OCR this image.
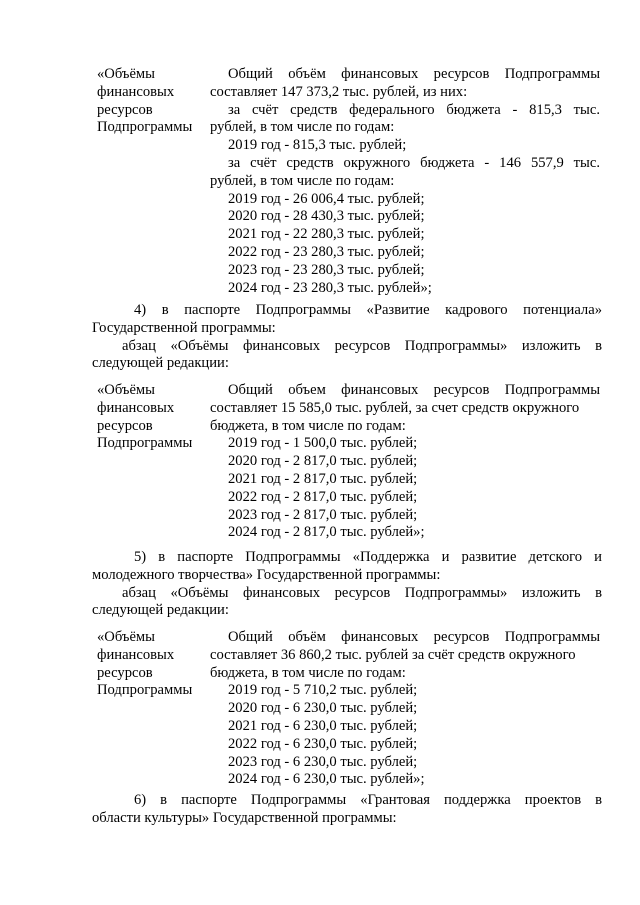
«Объёмы
финансовых
ресурсов
Подпрограммы
Общий объём финансовых ресурсов Подпрограммы
составляет 147 373,2 тыс. рублей, из них:
за счёт средств федерального бюджета - 815,3 тыс.
рублей, в том числе по годам:
2019 год - 815,3 тыс. рублей;
за счёт средств окружного бюджета - 146 557,9 тыс.
рублей, в том числе по годам:
2019 год - 26 006,4 тыс. рублей;
2020 год - 28 430,3 тыс. рублей;
2021 год - 22 280,3 тыс. рублей;
2022 год - 23 280,3 тыс. рублей;
2023 год - 23 280,3 тыс. рублей;
2024 год - 23 280,3 тыс. рублей»;
4) в паспорте Подпрограммы «Развитие кадрового потенциала»
Государственной программы:
абзац «Объёмы финансовых ресурсов Подпрограммы» изложить в
следующей редакции:
«Объёмы
финансовых
ресурсов
Подпрограммы
Общий объем финансовых ресурсов Подпрограммы
составляет 15 585,0 тыс. рублей, за счет средств окружного
бюджета, в том числе по годам:
2019 год - 1 500,0 тыс. рублей;
2020 год - 2 817,0 тыс. рублей;
2021 год - 2 817,0 тыс. рублей;
2022 год - 2 817,0 тыс. рублей;
2023 год - 2 817,0 тыс. рублей;
2024 год - 2 817,0 тыс. рублей»;
5) в паспорте Подпрограммы «Поддержка и развитие детского и
молодежного творчества» Государственной программы:
абзац «Объёмы финансовых ресурсов Подпрограммы» изложить в
следующей редакции:
«Объёмы
финансовых
ресурсов
Подпрограммы
Общий объём финансовых ресурсов Подпрограммы
составляет 36 860,2 тыс. рублей за счёт средств окружного
бюджета, в том числе по годам:
2019 год - 5 710,2 тыс. рублей;
2020 год - 6 230,0 тыс. рублей;
2021 год - 6 230,0 тыс. рублей;
2022 год - 6 230,0 тыс. рублей;
2023 год - 6 230,0 тыс. рублей;
2024 год - 6 230,0 тыс. рублей»;
6) в паспорте Подпрограммы «Грантовая поддержка проектов в
области культуры» Государственной программы:
